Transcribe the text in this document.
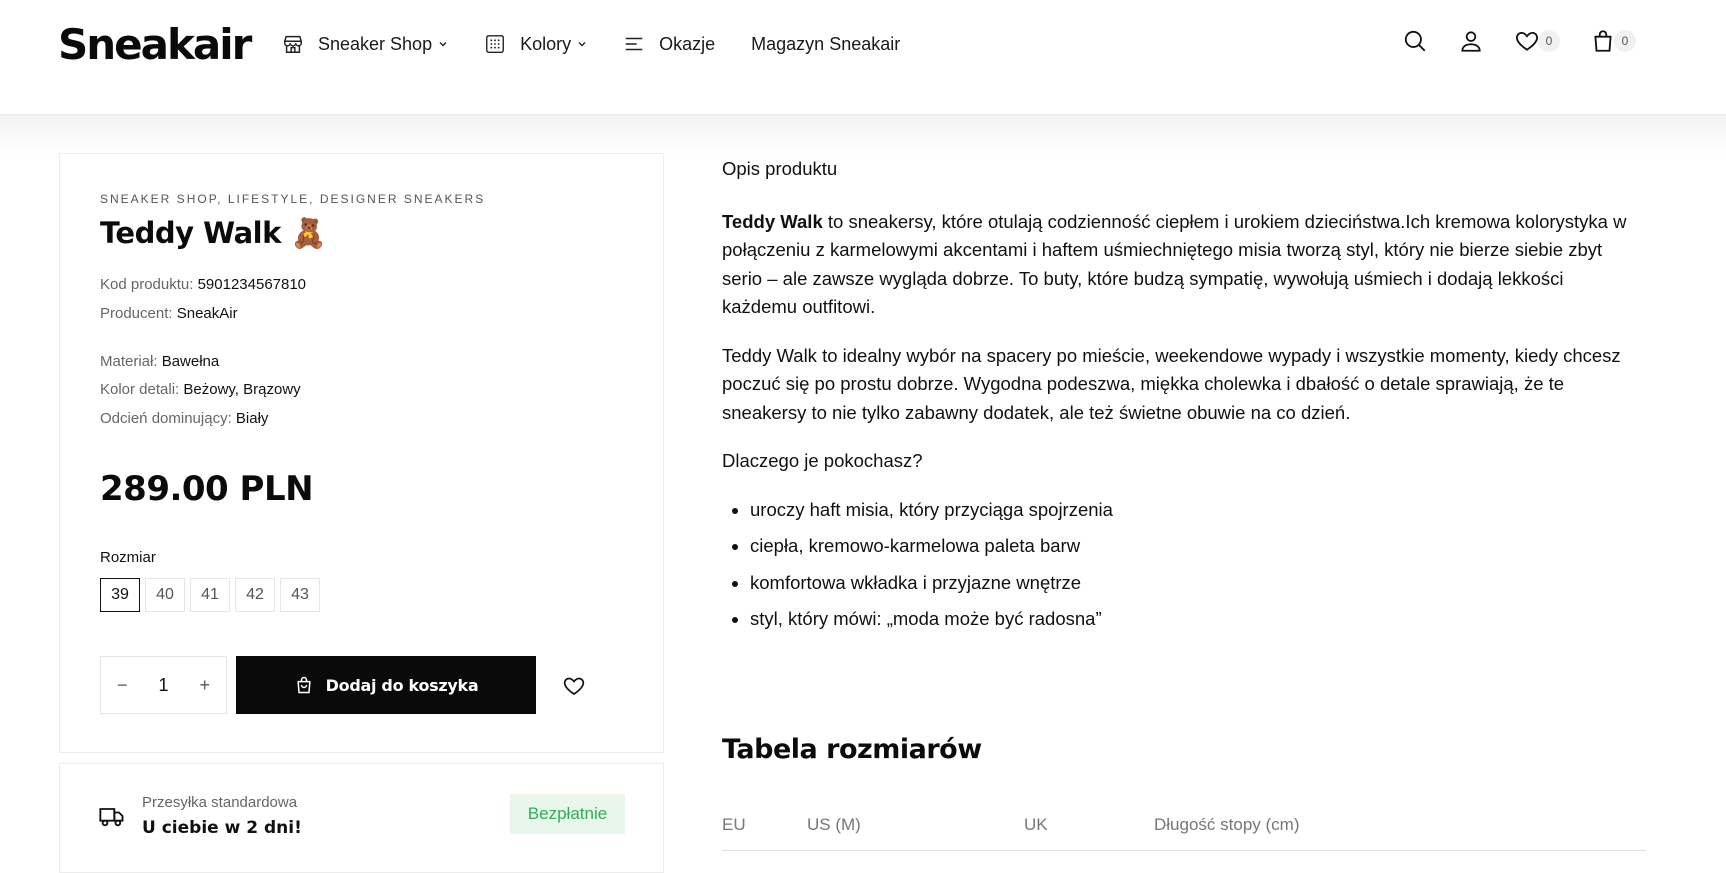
Sneakair	Sneaker Shop	Kolory	Okazje Magazyn Sneakair	0	0
SNEAKER SHOP, LIFESTYLE, DESIGNER SNEAKERS
Teddy Walk 🧸
Kod produktu: 5901234567810
Producent: SneakAir
Materiał: Bawełna
Kolor detali: Beżowy, Brązowy
Odcień dominujący: Biały
289.00 PLN
Rozmiar
39	40	41	42	43
− 1 +	Dodaj do koszyka
Przesyłka standardowa
U ciebie w 2 dni!
Bezpłatnie

Opis produktu

Teddy Walk to sneakersy, które otulają codzienność ciepłem i urokiem dzieciństwa.Ich kremowa kolorystyka w połączeniu z karmelowymi akcentami i haftem uśmiechniętego misia tworzą styl, który nie bierze siebie zbyt serio – ale zawsze wygląda dobrze. To buty, które budzą sympatię, wywołują uśmiech i dodają lekkości każdemu outfitowi.

Teddy Walk to idealny wybór na spacery po mieście, weekendowe wypady i wszystkie momenty, kiedy chcesz poczuć się po prostu dobrze. Wygodna podeszwa, miękka cholewka i dbałość o detale sprawiają, że te sneakersy to nie tylko zabawny dodatek, ale też świetne obuwie na co dzień.

Dlaczego je pokochasz?

• uroczy haft misia, który przyciąga spojrzenia
• ciepła, kremowo-karmelowa paleta barw
• komfortowa wkładka i przyjazne wnętrze
• styl, który mówi: „moda może być radosna”
Tabela rozmiarów
EU	US (M)	UK	Długość stopy (cm)
